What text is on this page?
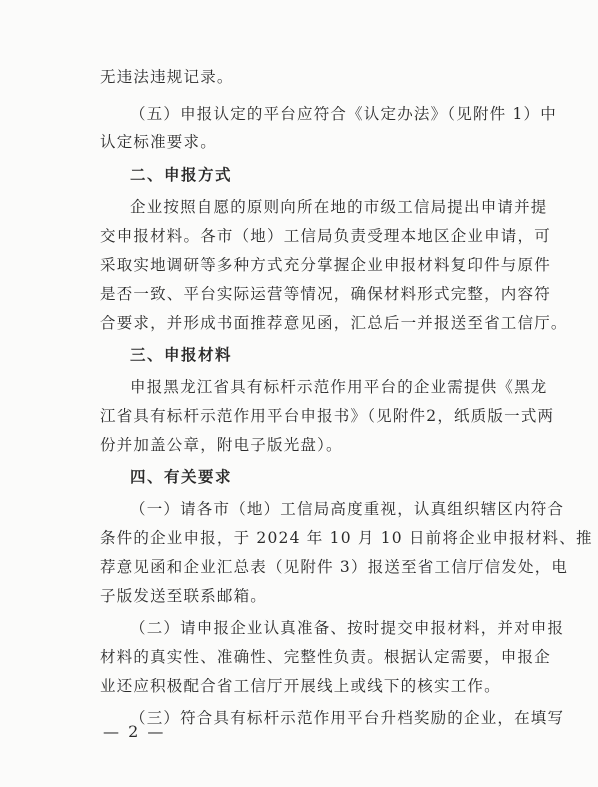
无违法违规记录。
（五）申报认定的平台应符合《认定办法》（见附件 1）中
认定标准要求。
二、申报方式
企业按照自愿的原则向所在地的市级工信局提出申请并提
交申报材料。各市（地）工信局负责受理本地区企业申请，可
采取实地调研等多种方式充分掌握企业申报材料复印件与原件
是否一致、平台实际运营等情况，确保材料形式完整，内容符
合要求，并形成书面推荐意见函，汇总后一并报送至省工信厅。
三、申报材料
申报黑龙江省具有标杆示范作用平台的企业需提供《黑龙
江省具有标杆示范作用平台申报书》（见附件2，纸质版一式两
份并加盖公章，附电子版光盘）。
四、有关要求
（一）请各市（地）工信局高度重视，认真组织辖区内符合
条件的企业申报，于 2024 年 10 月 10 日前将企业申报材料、推
荐意见函和企业汇总表（见附件 3）报送至省工信厅信发处，电
子版发送至联系邮箱。
（二）请申报企业认真准备、按时提交申报材料，并对申报
材料的真实性、准确性、完整性负责。根据认定需要，申报企
业还应积极配合省工信厅开展线上或线下的核实工作。
（三）符合具有标杆示范作用平台升档奖励的企业，在填写
— 2 —
